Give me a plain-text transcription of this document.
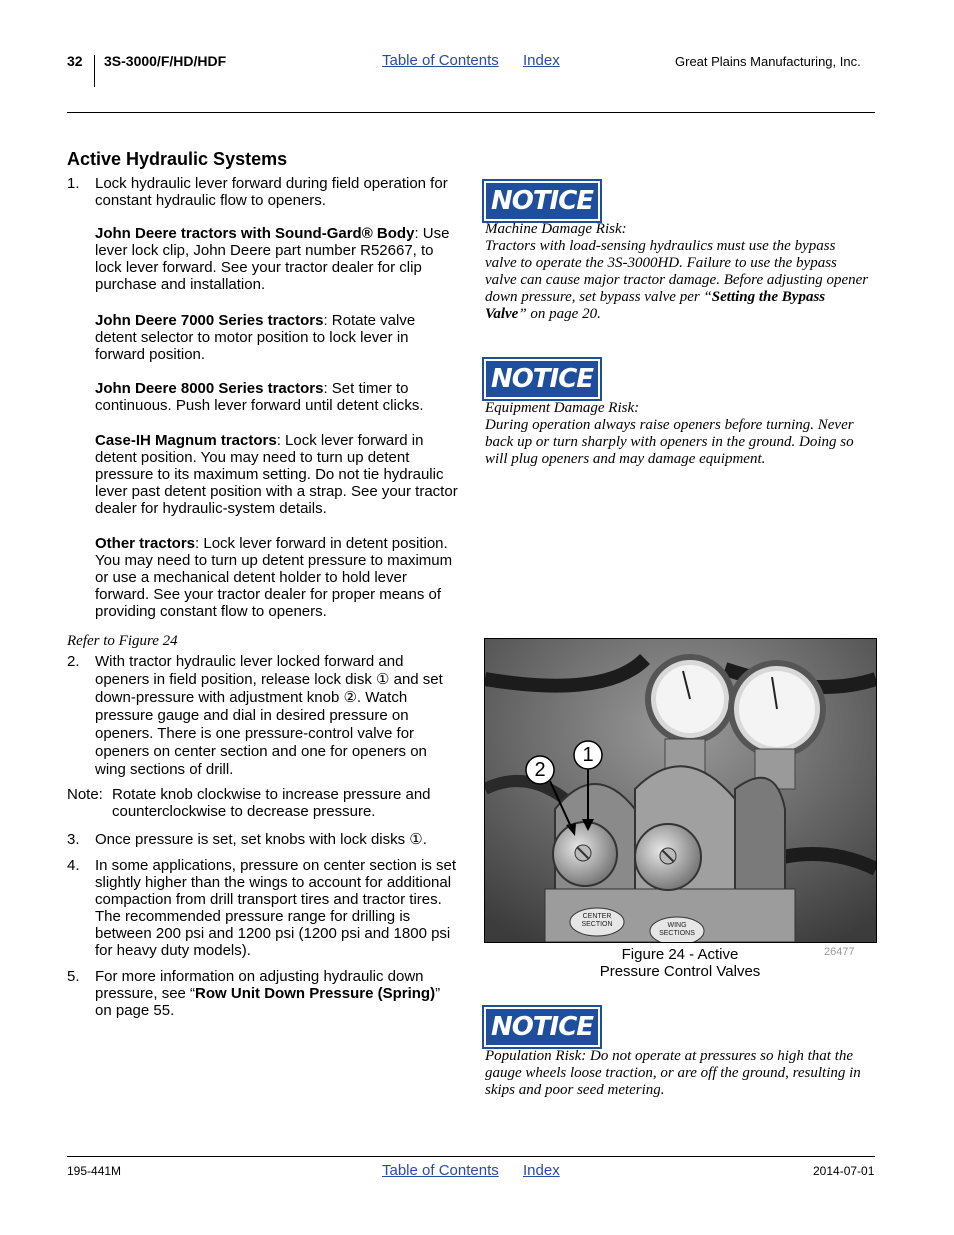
32 3S-3000/F/HD/HDF	Table of Contents Index	Great Plains Manufacturing, Inc.
Active Hydraulic Systems
1. Lock hydraulic lever forward during field operation for constant hydraulic flow to openers.
John Deere tractors with Sound-Gard® Body: Use lever lock clip, John Deere part number R52667, to lock lever forward. See your tractor dealer for clip purchase and installation.
John Deere 7000 Series tractors: Rotate valve detent selector to motor position to lock lever in forward position.
John Deere 8000 Series tractors: Set timer to continuous. Push lever forward until detent clicks.
Case-IH Magnum tractors: Lock lever forward in detent position. You may need to turn up detent pressure to its maximum setting. Do not tie hydraulic lever past detent position with a strap. See your tractor dealer for hydraulic-system details.
Other tractors: Lock lever forward in detent position. You may need to turn up detent pressure to maximum or use a mechanical detent holder to hold lever forward. See your tractor dealer for proper means of providing constant flow to openers.
Refer to Figure 24
2. With tractor hydraulic lever locked forward and openers in field position, release lock disk ① and set down-pressure with adjustment knob ②. Watch pressure gauge and dial in desired pressure on openers. There is one pressure-control valve for openers on center section and one for openers on wing sections of drill.
Note: Rotate knob clockwise to increase pressure and counterclockwise to decrease pressure.
3. Once pressure is set, set knobs with lock disks ①.
4. In some applications, pressure on center section is set slightly higher than the wings to account for additional compaction from drill transport tires and tractor tires. The recommended pressure range for drilling is between 200 psi and 1200 psi (1200 psi and 1800 psi for heavy duty models).
5. For more information on adjusting hydraulic down pressure, see “Row Unit Down Pressure (Spring)” on page 55.
NOTICE
Machine Damage Risk:
Tractors with load-sensing hydraulics must use the bypass valve to operate the 3S-3000HD. Failure to use the bypass valve can cause major tractor damage. Before adjusting opener down pressure, set bypass valve per “Setting the Bypass Valve” on page 20.
NOTICE
Equipment Damage Risk:
During operation always raise openers before turning. Never back up or turn sharply with openers in the ground. Doing so will plug openers and may damage equipment.
2
1
CENTER SECTION	WING SECTIONS
Figure 24 - Active
Pressure Control Valves
26477
NOTICE
Population Risk: Do not operate at pressures so high that the gauge wheels loose traction, or are off the ground, resulting in skips and poor seed metering.
195-441M	Table of Contents Index	2014-07-01
